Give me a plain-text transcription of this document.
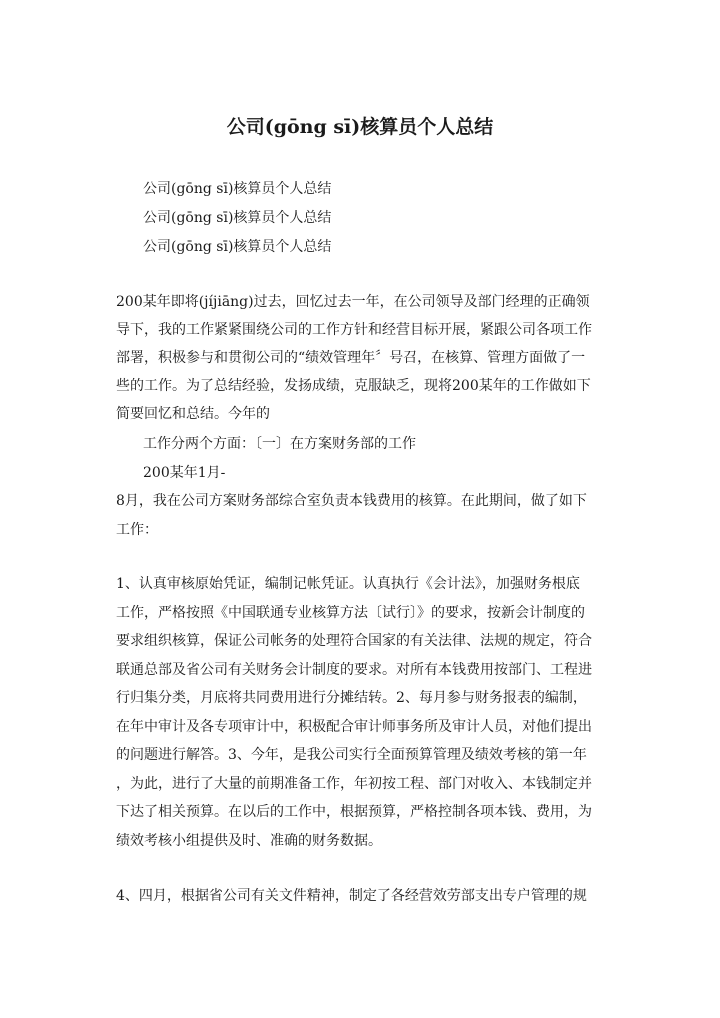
公司(gōng sī)核算员个人总结
公司(gōng sī)核算员个人总结
公司(gōng sī)核算员个人总结
公司(gōng sī)核算员个人总结
200某年即将(jíjiāng)过去，回忆过去一年，在公司领导及部门经理的正确领
导下，我的工作紧紧围绕公司的工作方针和经营目标开展，紧跟公司各项工作
部署，积极参与和贯彻公司的“绩效管理年〞号召，在核算、管理方面做了一
些的工作。为了总结经验，发扬成绩，克服缺乏，现将200某年的工作做如下
简要回忆和总结。今年的
工作分两个方面：〔一〕在方案财务部的工作
200某年1月-
8月，我在公司方案财务部综合室负责本钱费用的核算。在此期间，做了如下
工作：
1、认真审核原始凭证，编制记帐凭证。认真执行《会计法》，加强财务根底
工作，严格按照《中国联通专业核算方法〔试行〕》的要求，按新会计制度的
要求组织核算，保证公司帐务的处理符合国家的有关法律、法规的规定，符合
联通总部及省公司有关财务会计制度的要求。对所有本钱费用按部门、工程进
行归集分类，月底将共同费用进行分摊结转。2、每月参与财务报表的编制，
在年中审计及各专项审计中，积极配合审计师事务所及审计人员，对他们提出
的问题进行解答。3、今年，是我公司实行全面预算管理及绩效考核的第一年
，为此，进行了大量的前期准备工作，年初按工程、部门对收入、本钱制定并
下达了相关预算。在以后的工作中，根据预算，严格控制各项本钱、费用，为
绩效考核小组提供及时、准确的财务数据。
4、四月，根据省公司有关文件精神，制定了各经营效劳部支出专户管理的规
